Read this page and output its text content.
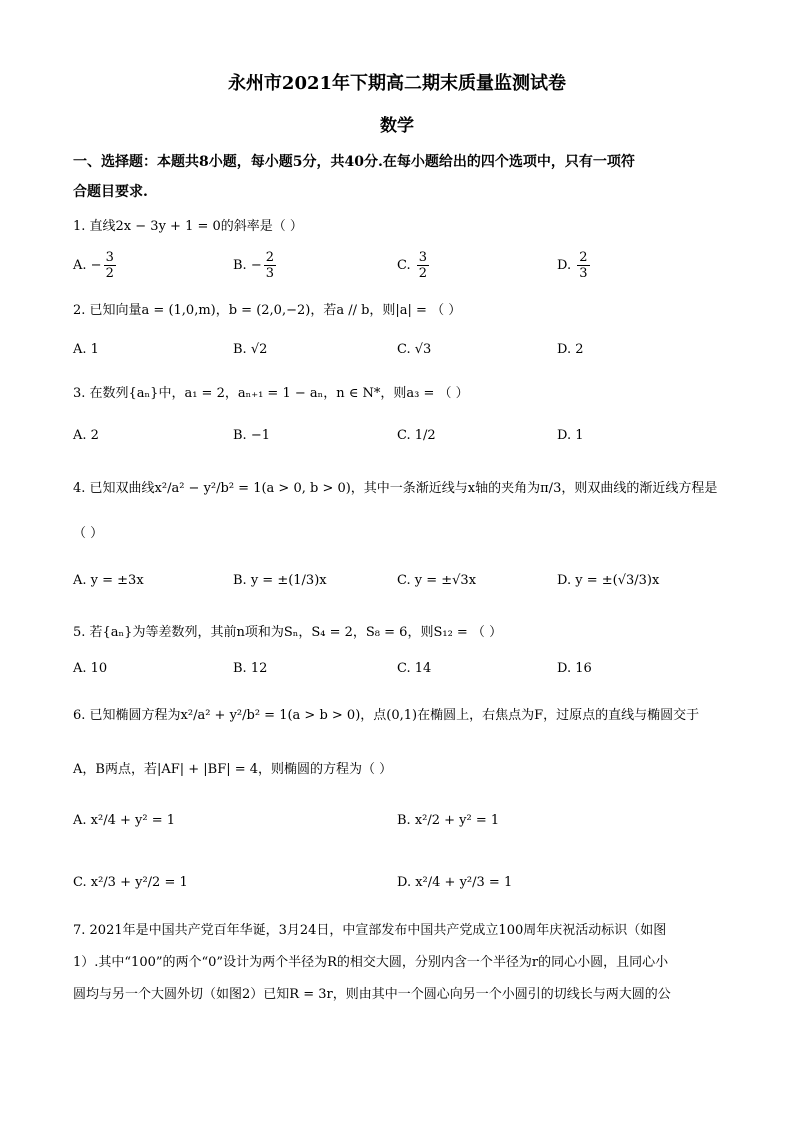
永州市2021年下期高二期末质量监测试卷
数学
一、选择题：本题共8小题，每小题5分，共40分.在每小题给出的四个选项中，只有一项符
合题目要求.
1. 直线2x − 3y + 1 = 0的斜率是（ ）
A. − $\frac{3}{2}$	B. − $\frac{2}{3}$	C. $\frac{3}{2}$	D. $\frac{2}{3}$
2. 已知向量a = (1,0,m)，b = (2,0,−2)，若a // b，则|a| = （ ）
A. 1	B. √2	C. √3	D. 2
3. 在数列{aₙ}中，a₁ = 2，aₙ₊₁ = 1 − aₙ，n ∈ N*，则a₃ = （ ）
A. 2	B. −1	C. 1/2	D. 1
4. 已知双曲线x²/a² − y²/b² = 1(a > 0, b > 0)，其中一条渐近线与x轴的夹角为π/3，则双曲线的渐近线方程是
（ ）
A. y = ±3x	B. y = ±(1/3)x	C. y = ±√3x	D. y = ±(√3/3)x
5. 若{aₙ}为等差数列，其前n项和为Sₙ，S₄ = 2，S₈ = 6，则S₁₂ = （ ）
A. 10	B. 12	C. 14	D. 16
6. 已知椭圆方程为x²/a² + y²/b² = 1(a > b > 0)，点(0,1)在椭圆上，右焦点为F，过原点的直线与椭圆交于
A，B两点，若|AF| + |BF| = 4，则椭圆的方程为（ ）
A. x²/4 + y² = 1	B. x²/2 + y² = 1
C. x²/3 + y²/2 = 1	D. x²/4 + y²/3 = 1
7. 2021年是中国共产党百年华诞，3月24日，中宣部发布中国共产党成立100周年庆祝活动标识（如图
1）.其中“100”的两个“0”设计为两个半径为R的相交大圆，分别内含一个半径为r的同心小圆，且同心小
圆均与另一个大圆外切（如图2）已知R = 3r，则由其中一个圆心向另一个小圆引的切线长与两大圆的公
